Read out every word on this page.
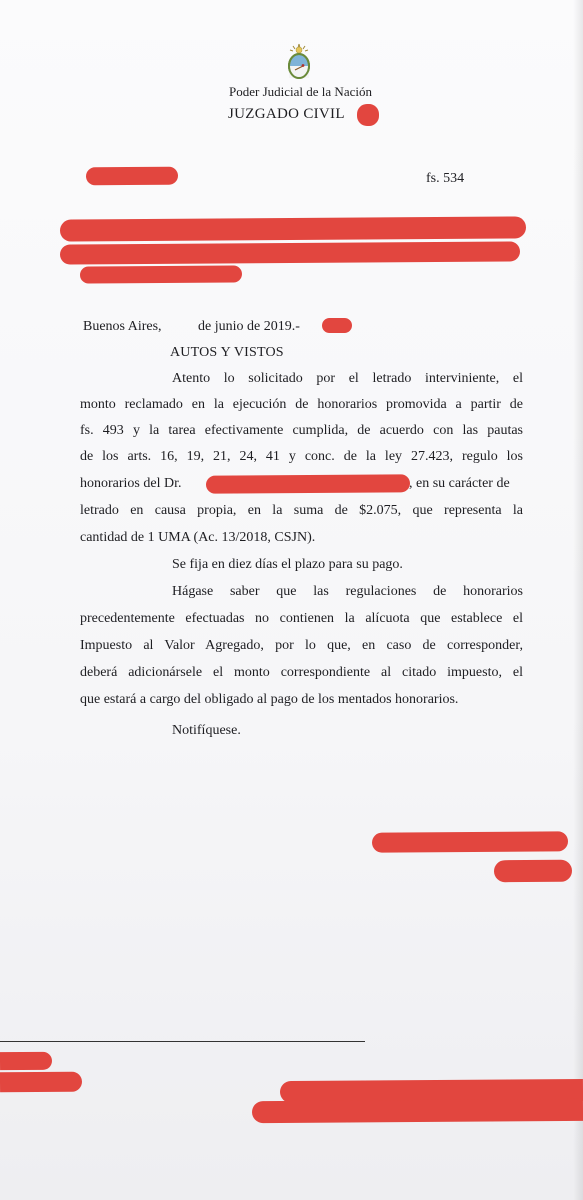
Poder Judicial de la Nación
JUZGADO CIVIL
fs. 534
Buenos Aires,	de junio de 2019.-
AUTOS Y VISTOS
Atento lo solicitado por el letrado interviniente, el
monto reclamado en la ejecución de honorarios promovida a partir de
fs. 493 y la tarea efectivamente cumplida, de acuerdo con las pautas
de los arts. 16, 19, 21, 24, 41 y conc. de la ley 27.423, regulo los
honorarios del Dr.	, en su carácter de
letrado en causa propia, en la suma de $2.075, que representa la
cantidad de 1 UMA (Ac. 13/2018, CSJN).
Se fija en diez días el plazo para su pago.
Hágase saber que las regulaciones de honorarios
precedentemente efectuadas no contienen la alícuota que establece el
Impuesto al Valor Agregado, por lo que, en caso de corresponder,
deberá adicionársele el monto correspondiente al citado impuesto, el
que estará a cargo del obligado al pago de los mentados honorarios.
Notifíquese.
